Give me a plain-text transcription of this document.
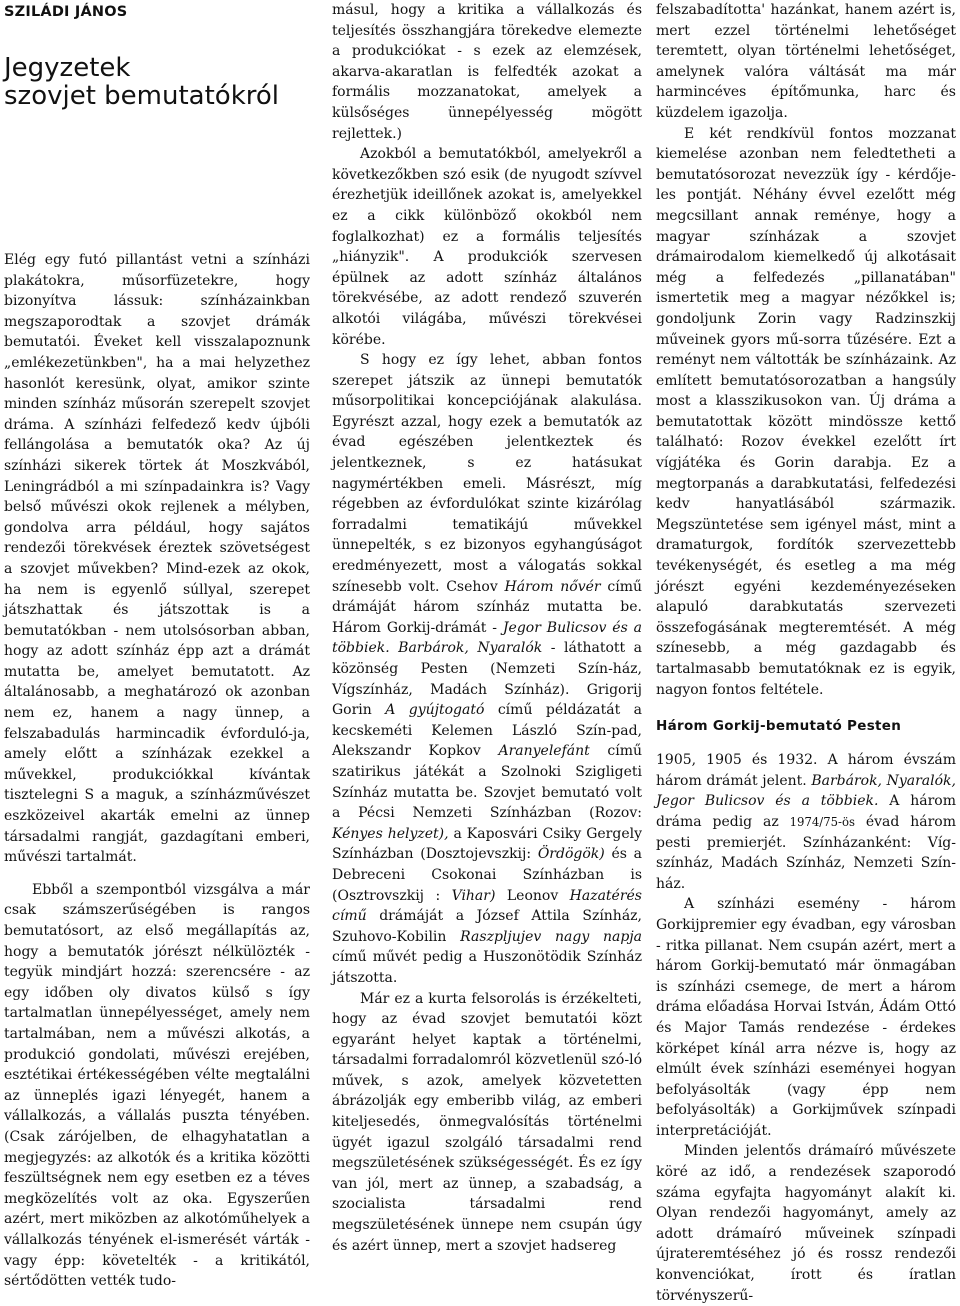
SZILÁDI JÁNOS
Jegyzetek
szovjet bemutatókról

Elég egy futó pillantást vetni a színházi plakátokra, műsorfüzetekre, hogy bizonyítva lássuk: színházainkban megszaporodtak a szovjet drámák bemutatói. Éveket kell visszalapoznunk „emlékezetünkben", ha a mai helyzethez hasonlót keresünk, olyat, amikor szinte minden színház műsorán szerepelt szovjet dráma. A színházi felfedező kedv újbóli fellángolása a bemutatók oka? Az új színházi sikerek törtek át Moszkvából, Leningrádból a mi színpadainkra is? Vagy belső művészi okok rejlenek a mélyben, gondolva arra például, hogy sajátos rendezői törekvések éreztek szövetségest a szovjet művekben? Mind-ezek az okok, ha nem is egyenlő súllyal, szerepet játszhattak és játszottak is a bemutatókban - nem utolsósorban abban, hogy az adott színház épp azt a drámát mutatta be, amelyet bemutatott. Az általánosabb, a meghatározó ok azonban nem ez, hanem a nagy ünnep, a felszabadulás harmincadik évforduló-ja, amely előtt a színházak ezekkel a művekkel, produkciókkal kívántak tisztelegni S a maguk, a színházművészet eszközeivel akarták emelni az ünnep társadalmi rangját, gazdagítani emberi, művészi tartalmát.

Ebből a szempontból vizsgálva a már csak számszerűségében is rangos bemutatósort, az első megállapítás az, hogy a bemutatók jórészt nélkülözték - tegyük mindjárt hozzá: szerencsére - az egy időben oly divatos külső s így tartalmatlan ünnepélyességet, amely nem tartalmában, nem a művészi alkotás, a produkció gondolati, művészi erejében, esztétikai értékességében vélte megtalálni az ünneplés igazi lényegét, hanem a vállalkozás, a vállalás puszta tényében. (Csak zárójelben, de elhagyhatatlan a megjegyzés: az alkotók és a kritika közötti feszültségnek nem egy esetben ez a téves megközelítés volt az oka. Egyszerűen azért, mert miközben az alkotóműhelyek a vállalkozás tényének el-ismerését várták - vagy épp: követelték - a kritikától, sértődötten vették tudo-

másul, hogy a kritika a vállalkozás és teljesítés összhangjára törekedve elemezte a produkciókat - s ezek az elemzések, akarva-akaratlan is felfedték azokat a formális mozzanatokat, amelyek a külsőséges ünnepélyesség mögött rejlettek.)

Azokból a bemutatókból, amelyekről a következőkben szó esik (de nyugodt szívvel érezhetjük ideillőnek azokat is, amelyekkel ez a cikk különböző okokból nem foglalkozhat) ez a formális teljesítés „hiányzik". A produkciók szervesen épülnek az adott színház általános törekvésébe, az adott rendező szuverén alkotói világába, művészi törekvései körébe.

S hogy ez így lehet, abban fontos szerepet játszik az ünnepi bemutatók műsorpolitikai koncepciójának alakulása. Egyrészt azzal, hogy ezek a bemutatók az évad egészében jelentkeztek és jelentkeznek, s ez hatásukat nagymértékben emeli. Másrészt, míg régebben az évfordulókat szinte kizárólag forradalmi tematikájú művekkel ünnepelték, s ez bizonyos egyhangúságot eredményezett, most a válogatás sokkal színesebb volt. Csehov Három nővér című drámáját három színház mutatta be. Három Gorkij-drámát - Jegor Bulicsov és a többiek. Barbárok, Nyaralók - láthatott a közönség Pesten (Nemzeti Szín-ház, Vígszínház, Madách Színház). Grigorij Gorin A gyújtogató című példázatát a kecskeméti Kelemen László Szín-pad, Alekszandr Kopkov Aranyelefánt című szatirikus játékát a Szolnoki Szigligeti Színház mutatta be. Szovjet bemutató volt a Pécsi Nemzeti Színházban (Rozov: Kényes helyzet), a Kaposvári Csiky Gergely Színházban (Dosztojevszkij: Ördögök) és a Debreceni Csokonai Színházban is (Osztrovszkij : Vihar) Leonov Hazatérés című drámáját a József Attila Színház, Szuhovo-Kobilin Raszpljujev nagy napja című művét pedig a Huszonötödik Színház játszotta.

Már ez a kurta felsorolás is érzékelteti, hogy az évad szovjet bemutatói közt egyaránt helyet kaptak a történelmi, társadalmi forradalomról közvetlenül szó-ló művek, s azok, amelyek közvetetten ábrázolják egy emberibb világ, az emberi kiteljesedés, önmegvalósítás történelmi ügyét igazul szolgáló társadalmi rend megszületésének szükségességét. És ez így van jól, mert az ünnep, a szabadság, a szocialista társadalmi rend megszületésének ünnepe nem csupán úgy és azért ünnep, mert a szovjet hadsereg

felszabadította' hazánkat, hanem azért is, mert ezzel történelmi lehetőséget teremtett, olyan történelmi lehetőséget, amelynek valóra váltását ma már harmincéves építőmunka, harc és küzdelem igazolja.

E két rendkívül fontos mozzanat kiemelése azonban nem feledtetheti a bemutatósorozat nevezzük így - kérdője-les pontját. Néhány évvel ezelőtt még megcsillant annak reménye, hogy a magyar színházak a szovjet drámairodalom kiemelkedő új alkotásait még a felfedezés „pillanatában" ismertetik meg a magyar nézőkkel is; gondoljunk Zorin vagy Radzinszkij műveinek gyors mű-sorra tűzésére. Ezt a reményt nem váltották be színházaink. Az említett bemutatósorozatban a hangsúly most a klasszikusokon van. Új dráma a bemutatottak között mindössze kettő található: Rozov évekkel ezelőtt írt vígjátéka és Gorin darabja. Ez a megtorpanás a darabkutatási, felfedezési kedv hanyatlásából származik. Megszüntetése sem igényel mást, mint a dramaturgok, fordítók szervezettebb tevékenységét, és esetleg a ma még jórészt egyéni kezdeményezéseken alapuló darabkutatás szervezeti összefogásának megteremtését. A még színesebb, a még gazdagabb és tartalmasabb bemutatóknak ez is egyik, nagyon fontos feltétele.

Három Gorkij-bemutató Pesten

1905, 1905 és 1932. A három évszám három drámát jelent. Barbárok, Nyaralók, Jegor Bulicsov és a többiek. A három dráma pedig az 1974/75-ös évad három pesti premierjét. Színházanként: Víg-színház, Madách Színház, Nemzeti Szín-ház.

A színházi esemény - három Gorkijpremier egy évadban, egy városban - ritka pillanat. Nem csupán azért, mert a három Gorkij-bemutató már önmagában is színházi csemege, de mert a három dráma előadása Horvai István, Ádám Ottó és Major Tamás rendezése - érdekes körképet kínál arra nézve is, hogy az elmúlt évek színházi eseményei hogyan befolyásolták (vagy épp nem befolyásolták) a Gorkijművek színpadi interpretációját.

Minden jelentős drámaíró művészete köré az idő, a rendezések szaporodó száma egyfajta hagyományt alakít ki. Olyan rendezői hagyományt, amely az adott drámaíró műveinek színpadi újrateremtéséhez jó és rossz rendezői konvenciókat, írott és íratlan törvényszerű-
